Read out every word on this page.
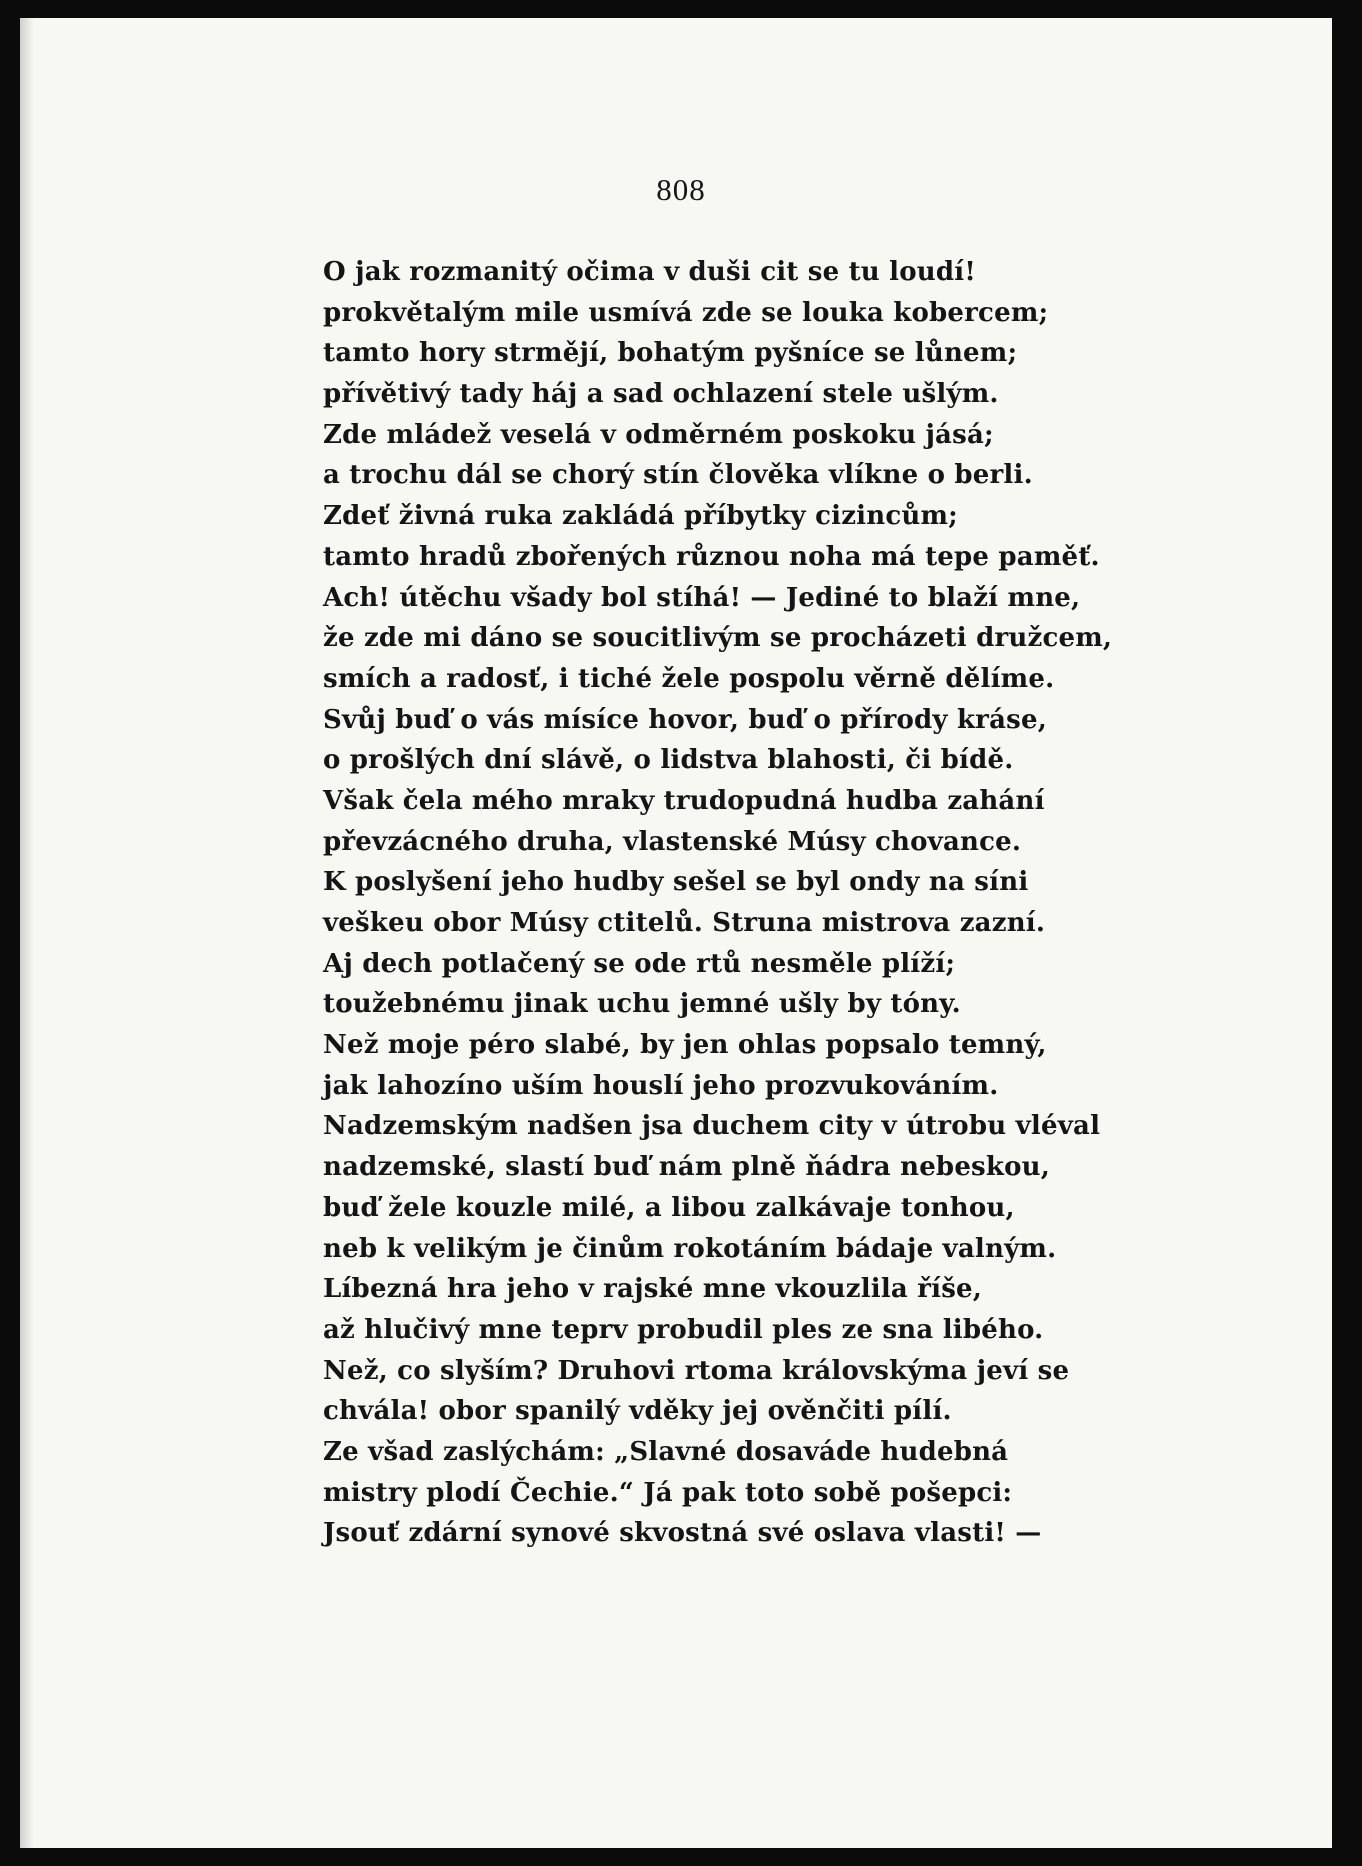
808
O jak rozmanitý očima v duši cit se tu loudí!
prokvětalým mile usmívá zde se louka kobercem;
tamto hory strmějí, bohatým pyšníce se lůnem;
přívětivý tady háj a sad ochlazení stele ušlým.
Zde mládež veselá v odměrném poskoku jásá;
a trochu dál se chorý stín člověka vlíkne o berli.
Zdeť živná ruka zakládá příbytky cizincům;
tamto hradů zbořených různou noha má tepe paměť.
Ach! útěchu všady bol stíhá! — Jediné to blaží mne,
že zde mi dáno se soucitlivým se procházeti družcem,
smích a radosť, i tiché žele pospolu věrně dělíme.
Svůj buď o vás mísíce hovor, buď o přírody kráse,
o prošlých dní slávě, o lidstva blahosti, či bídě.
Však čela mého mraky trudopudná hudba zahání
převzácného druha, vlastenské Músy chovance.
K poslyšení jeho hudby sešel se byl ondy na síni
veškeu obor Músy ctitelů. Struna mistrova zazní.
Aj dech potlačený se ode rtů nesměle plíží;
toužebnému jinak uchu jemné ušly by tóny.
Než moje péro slabé, by jen ohlas popsalo temný,
jak lahozíno uším houslí jeho prozvukováním.
Nadzemským nadšen jsa duchem city v útrobu vléval
nadzemské, slastí buď nám plně ňádra nebeskou,
buď žele kouzle milé, a libou zalkávaje tonhou,
neb k velikým je činům rokotáním bádaje valným.
Líbezná hra jeho v rajské mne vkouzlila říše,
až hlučivý mne teprv probudil ples ze sna libého.
Než, co slyším? Druhovi rtoma královskýma jeví se
chvála! obor spanilý vděky jej ověnčiti pílí.
Ze všad zaslýchám: „Slavné dosaváde hudebná
mistry plodí Čechie.“ Já pak toto sobě pošepci:
Jsouť zdární synové skvostná své oslava vlasti! —
